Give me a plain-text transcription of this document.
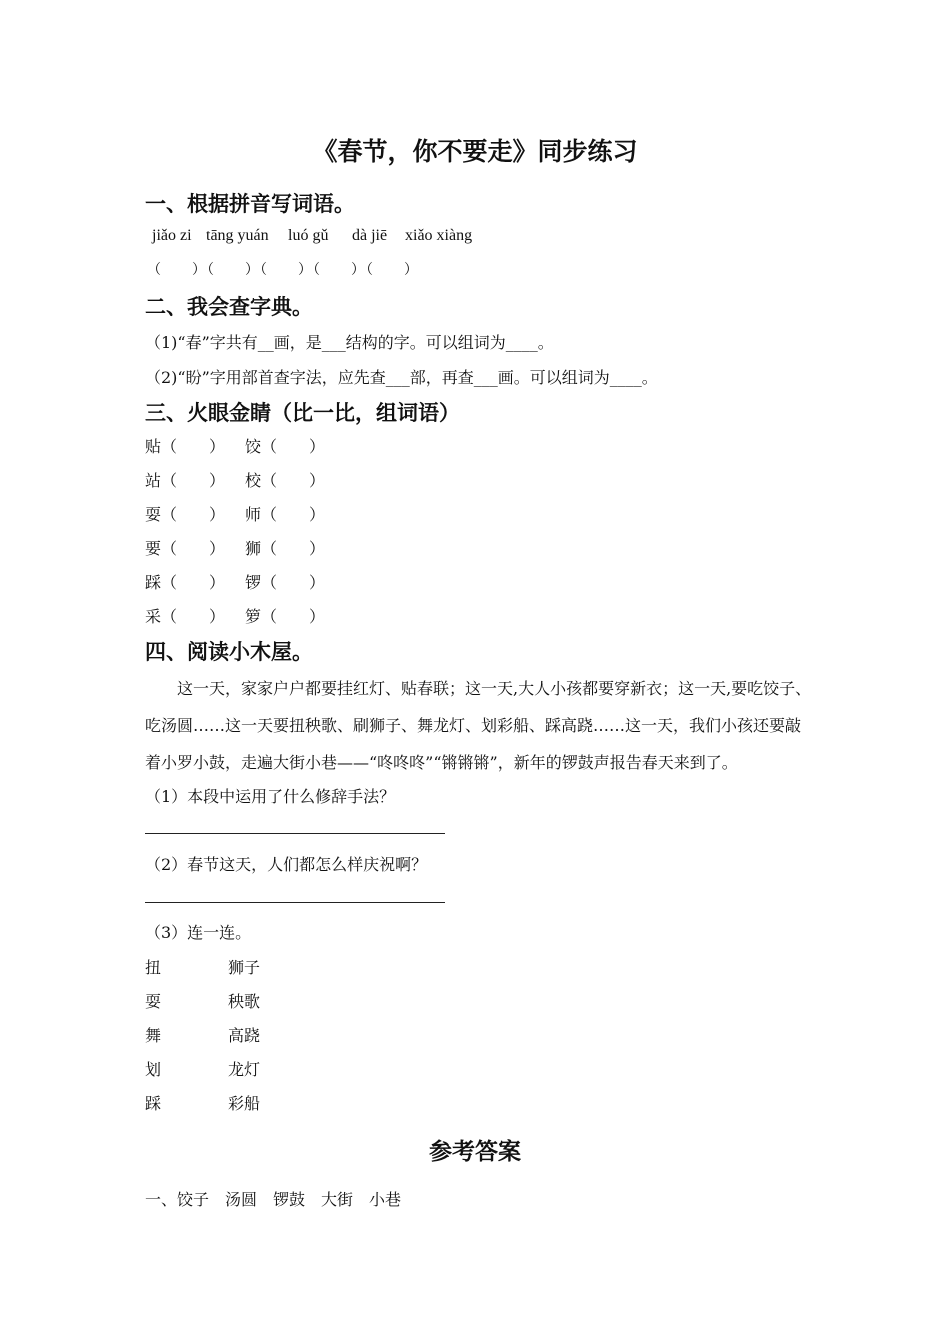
《春节，你不要走》同步练习
一、根据拼音写词语。
jiǎo zi tāng yuán luó gǔ dà jiē xiǎo xiàng
（　　）（　　）（　　）（　　）（　　）
二、我会查字典。
（1)“春”字共有__画，是___结构的字。可以组词为____。
（2)“盼”字用部首查字法，应先查___部，再查___画。可以组词为____。
三、火眼金睛（比一比，组词语）
贴（　　） 饺（　　）
站（　　） 校（　　）
耍（　　） 师（　　）
要（　　） 狮（　　）
踩（　　） 锣（　　）
采（　　） 箩（　　）
四、阅读小木屋。
这一天，家家户户都要挂红灯、贴春联；这一天,大人小孩都要穿新衣；这一天,要吃饺子、
吃汤圆……这一天要扭秧歌、刷狮子、舞龙灯、划彩船、踩高跷……这一天，我们小孩还要敲
着小罗小鼓，走遍大街小巷——“咚咚咚”“锵锵锵”，新年的锣鼓声报告春天来到了。
（1）本段中运用了什么修辞手法？
（2）春节这天，人们都怎么样庆祝啊？
（3）连一连。
扭	狮子
耍	秧歌
舞	高跷
划	龙灯
踩	彩船
参考答案
一、饺子　汤圆　锣鼓　大街　小巷
